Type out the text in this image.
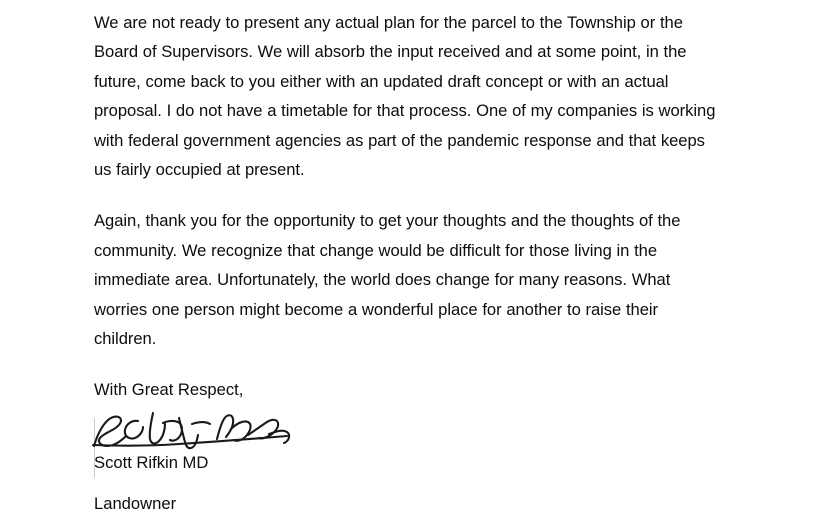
We are not ready to present any actual plan for the parcel to the Township or the Board of Supervisors. We will absorb the input received and at some point, in the future, come back to you either with an updated draft concept or with an actual proposal. I do not have a timetable for that process. One of my companies is working with federal government agencies as part of the pandemic response and that keeps us fairly occupied at present.

Again, thank you for the opportunity to get your thoughts and the thoughts of the community. We recognize that change would be difficult for those living in the immediate area. Unfortunately, the world does change for many reasons. What worries one person might become a wonderful place for another to raise their children.

With Great Respect,

Scott Rifkin MD

Landowner
